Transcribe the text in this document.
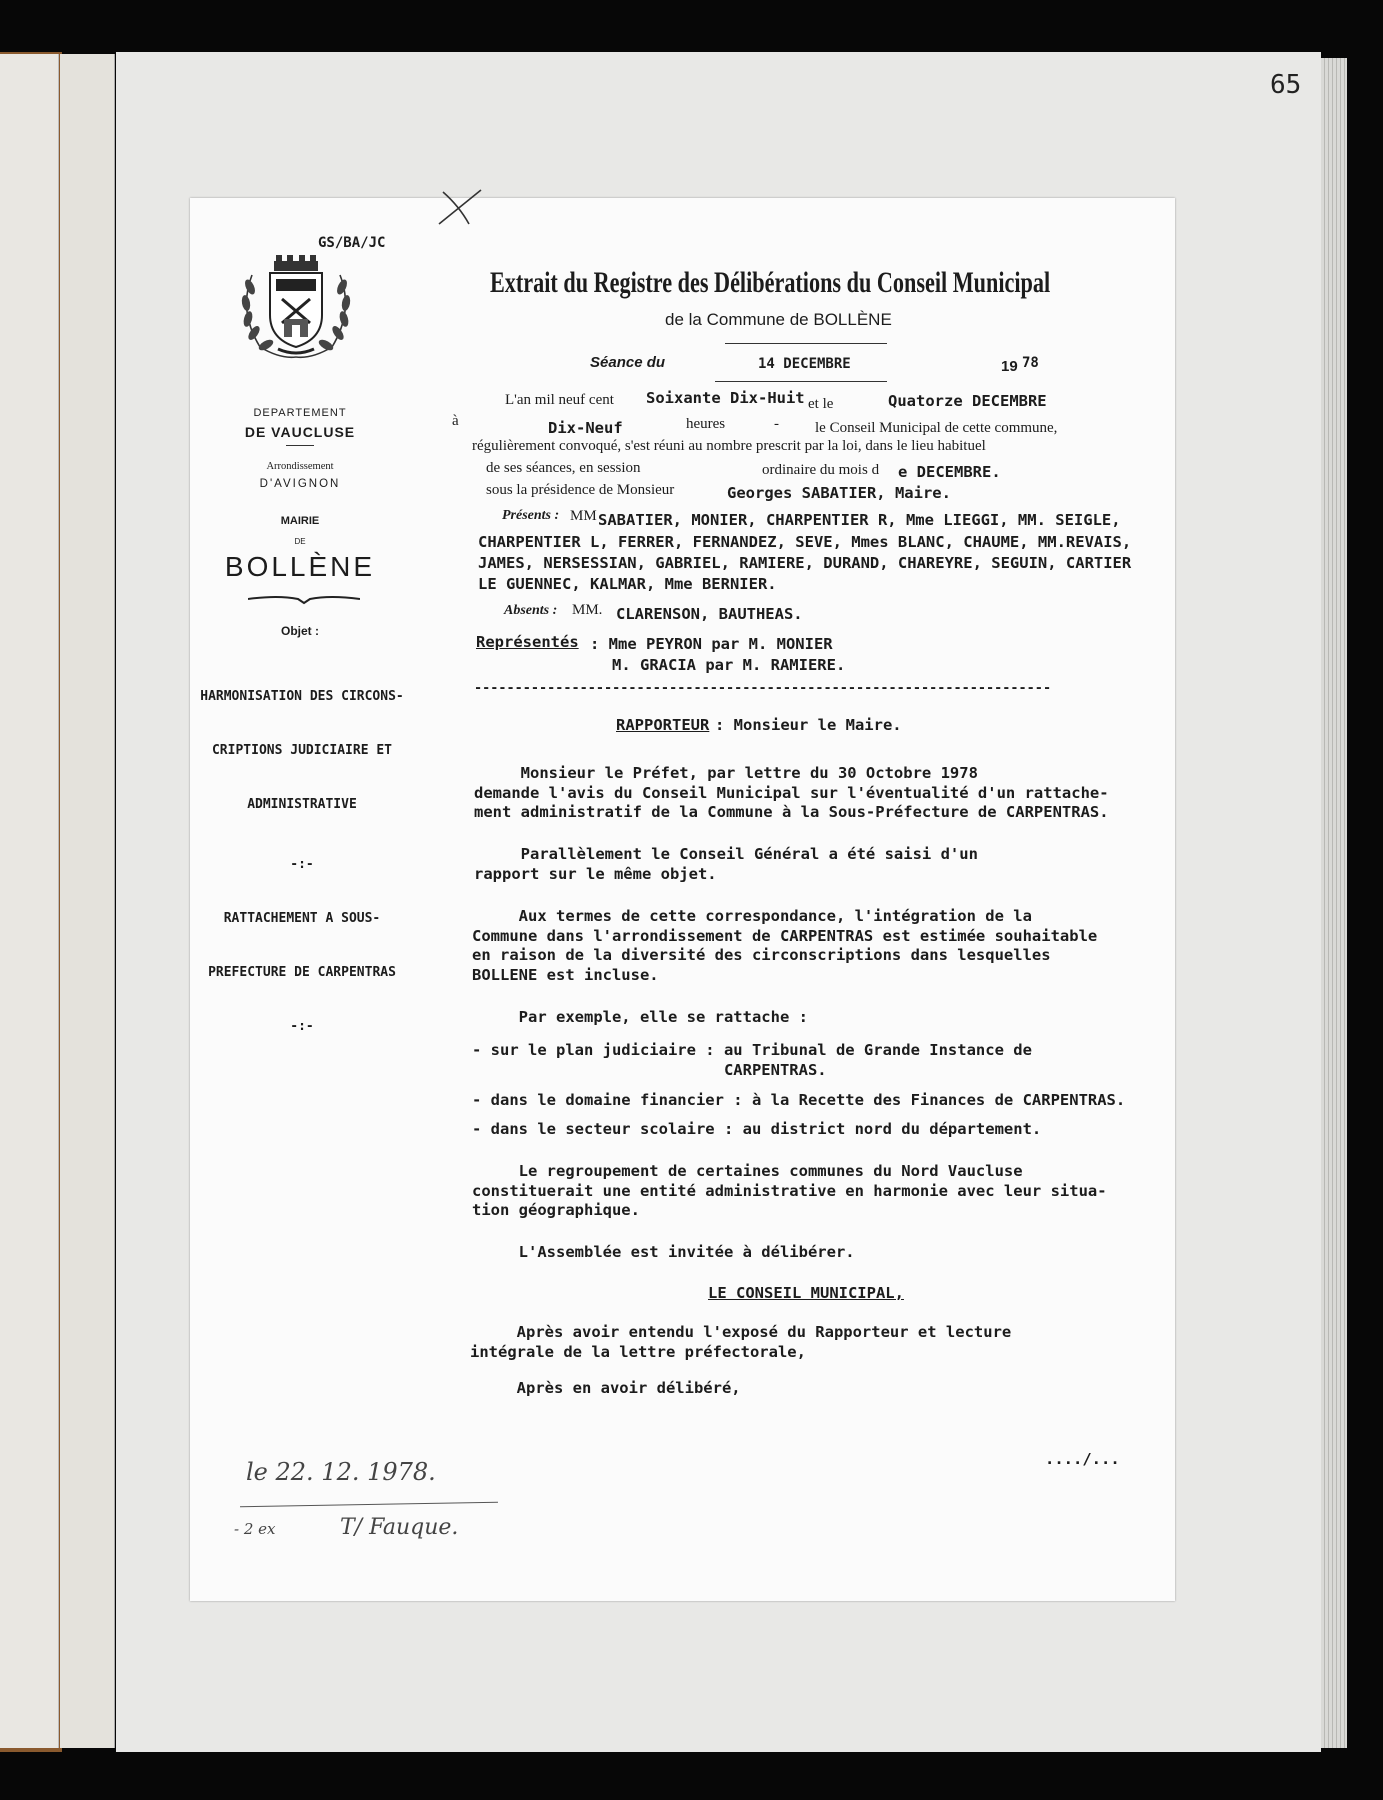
65
GS/BA/JC
DEPARTEMENT
DE VAUCLUSE
Arrondissement
D'AVIGNON
MAIRIE
DE
BOLLÈNE
Objet :

HARMONISATION DES CIRCONS-

CRIPTIONS JUDICIAIRE ET

ADMINISTRATIVE

-:-

RATTACHEMENT A SOUS-

PREFECTURE DE CARPENTRAS

-:-

Extrait du Registre des Délibérations du Conseil Municipal
de la Commune de BOLLÈNE
Séance du	14 DECEMBRE	19 78
L'an mil neuf cent Soixante Dix-Huit et le	Quatorze DECEMBRE
à	Dix-Neuf	heures	- le Conseil Municipal de cette commune,
régulièrement convoqué, s'est réuni au nombre prescrit par la loi, dans le lieu habituel
de ses séances, en session	ordinaire du mois d e DECEMBRE.
sous la présidence de Monsieur	Georges SABATIER, Maire.
Présents : MM SABATIER, MONIER, CHARPENTIER R, Mme LIEGGI, MM. SEIGLE,
CHARPENTIER L, FERRER, FERNANDEZ, SEVE, Mmes BLANC, CHAUME, MM.REVAIS,
JAMES, NERSESSIAN, GABRIEL, RAMIERE, DURAND, CHAREYRE, SEGUIN, CARTIER
LE GUENNEC, KALMAR, Mme BERNIER.
Absents : MM. CLARENSON, BAUTHEAS.
Représentés : Mme PEYRON par M. MONIER
M. GRACIA par M. RAMIERE.
-----------------------------------------------------------------------
RAPPORTEUR : Monsieur le Maire.
Monsieur le Préfet, par lettre du 30 Octobre 1978
demande l'avis du Conseil Municipal sur l'éventualité d'un rattache-
ment administratif de la Commune à la Sous-Préfecture de CARPENTRAS.
Parallèlement le Conseil Général a été saisi d'un
rapport sur le même objet.
Aux termes de cette correspondance, l'intégration de la
Commune dans l'arrondissement de CARPENTRAS est estimée souhaitable
en raison de la diversité des circonscriptions dans lesquelles
BOLLENE est incluse.
Par exemple, elle se rattache :
- sur le plan judiciaire : au Tribunal de Grande Instance de
CARPENTRAS.
- dans le domaine financier : à la Recette des Finances de CARPENTRAS.
- dans le secteur scolaire : au district nord du département.
Le regroupement de certaines communes du Nord Vaucluse
constituerait une entité administrative en harmonie avec leur situa-
tion géographique.
L'Assemblée est invitée à délibérer.
LE CONSEIL MUNICIPAL,
Après avoir entendu l'exposé du Rapporteur et lecture
intégrale de la lettre préfectorale,
Après en avoir délibéré,
..../...
le 22. 12. 1978.
- 2 ex	T/ Fauque.
